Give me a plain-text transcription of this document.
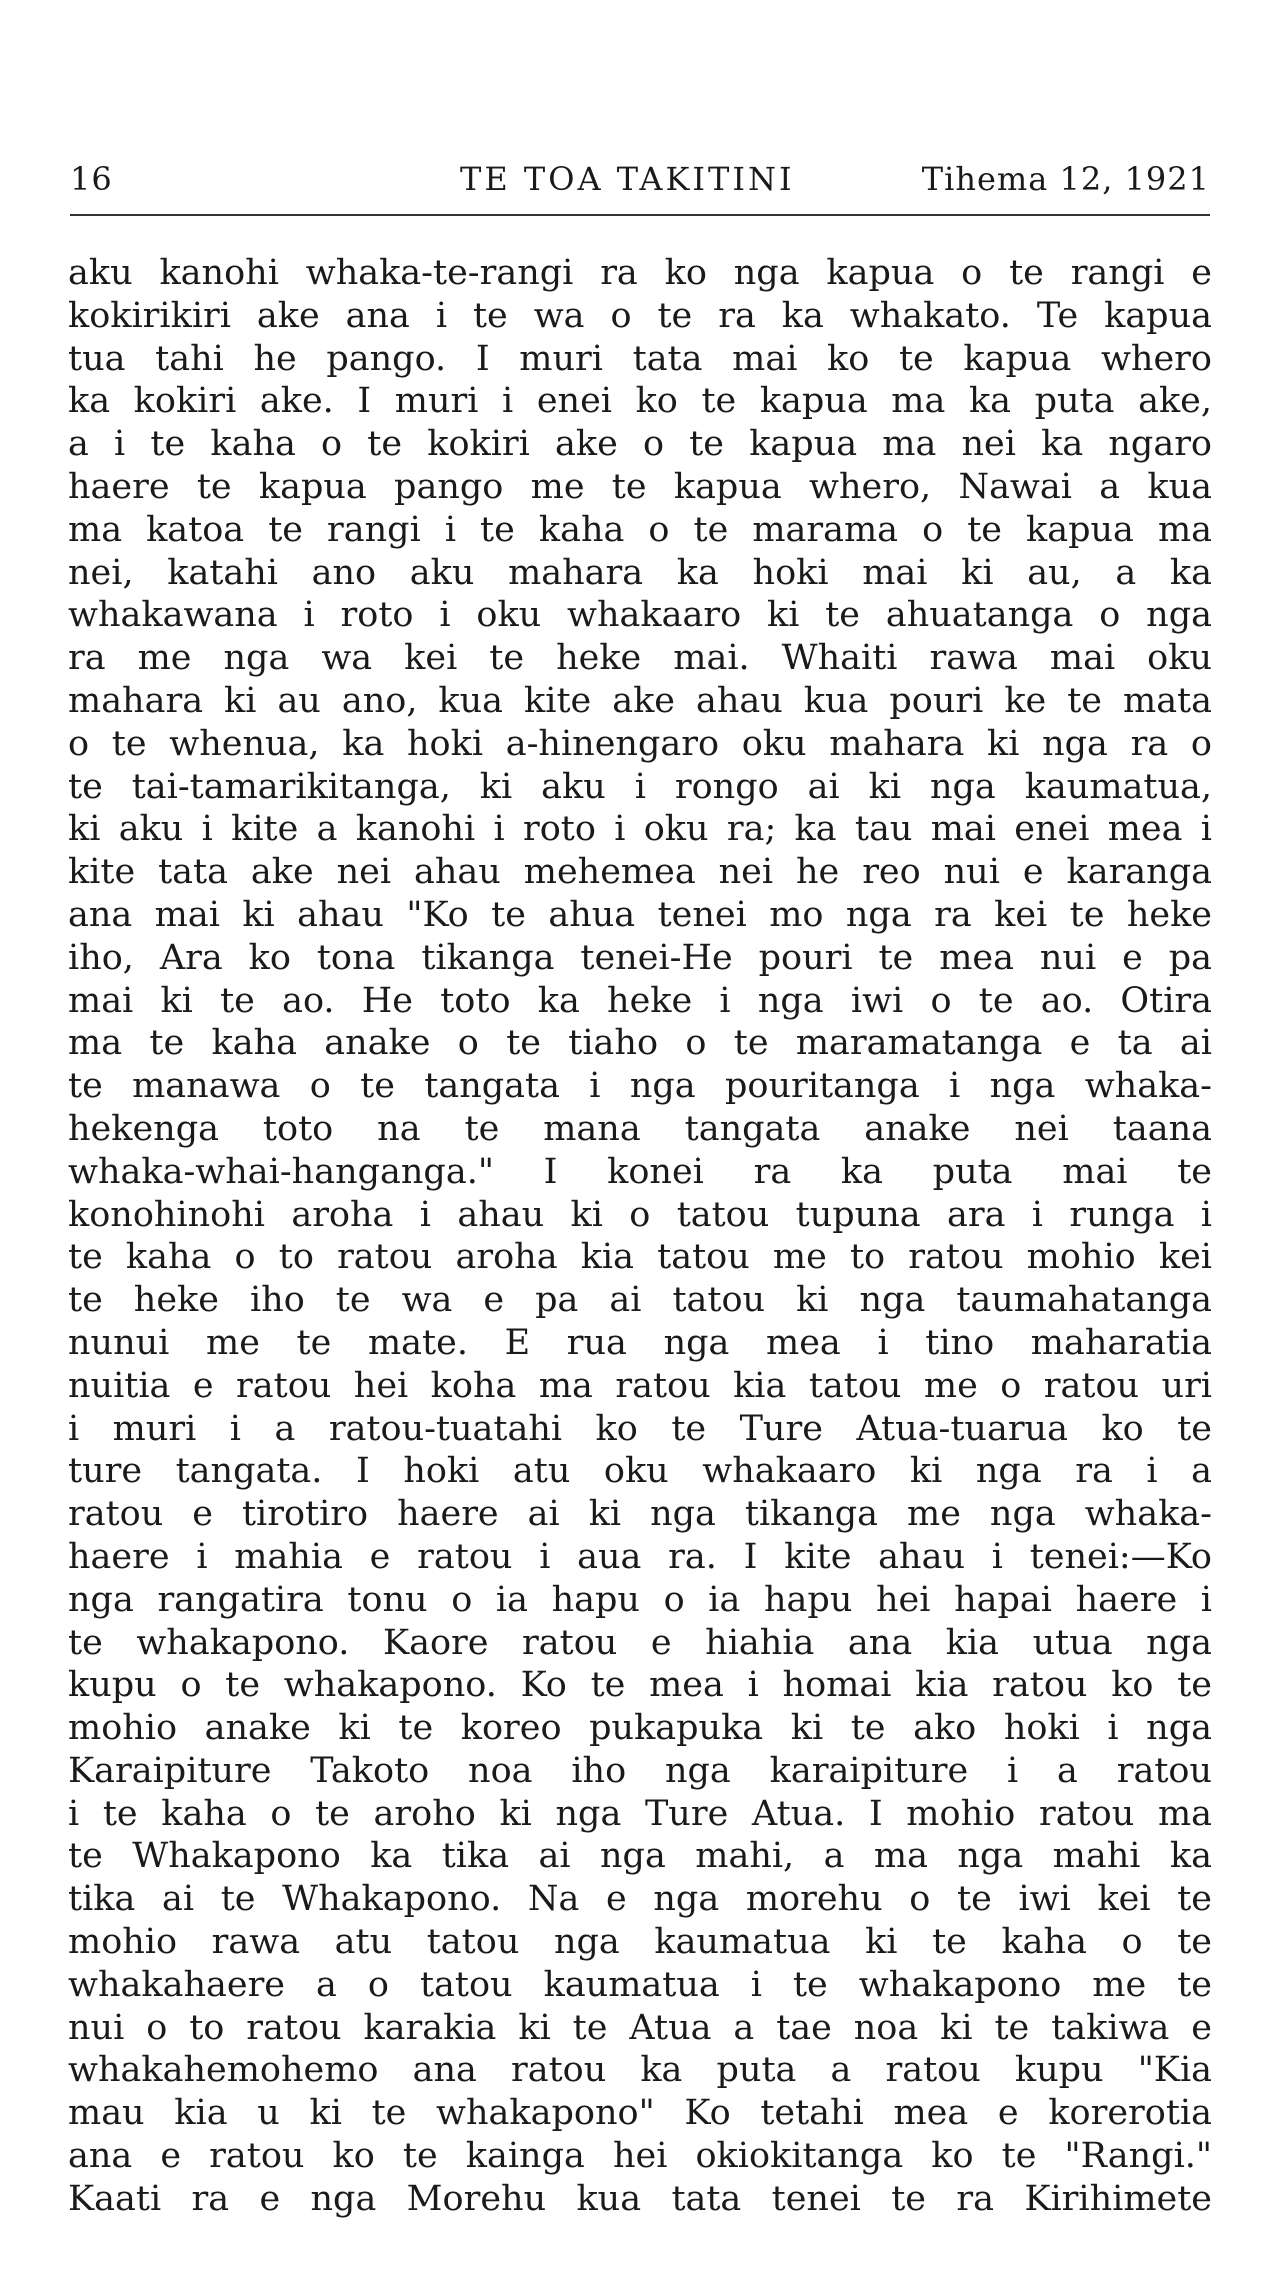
16	TE TOA TAKITINI	Tihema 12, 1921
aku kanohi whaka-te-rangi ra ko nga kapua o te rangi e
kokirikiri ake ana i te wa o te ra ka whakato. Te kapua
tua tahi he pango. I muri tata mai ko te kapua whero
ka kokiri ake. I muri i enei ko te kapua ma ka puta ake,
a i te kaha o te kokiri ake o te kapua ma nei ka ngaro
haere te kapua pango me te kapua whero, Nawai a kua
ma katoa te rangi i te kaha o te marama o te kapua ma
nei, katahi ano aku mahara ka hoki mai ki au, a ka
whakawana i roto i oku whakaaro ki te ahuatanga o nga
ra me nga wa kei te heke mai. Whaiti rawa mai oku
mahara ki au ano, kua kite ake ahau kua pouri ke te mata
o te whenua, ka hoki a-hinengaro oku mahara ki nga ra o
te tai-tamarikitanga, ki aku i rongo ai ki nga kaumatua,
ki aku i kite a kanohi i roto i oku ra; ka tau mai enei mea i
kite tata ake nei ahau mehemea nei he reo nui e karanga
ana mai ki ahau "Ko te ahua tenei mo nga ra kei te heke
iho, Ara ko tona tikanga tenei-He pouri te mea nui e pa
mai ki te ao. He toto ka heke i nga iwi o te ao. Otira
ma te kaha anake o te tiaho o te maramatanga e ta ai
te manawa o te tangata i nga pouritanga i nga whaka-
hekenga toto na te mana tangata anake nei taana
whaka-whai-hanganga." I konei ra ka puta mai te
konohinohi aroha i ahau ki o tatou tupuna ara i runga i
te kaha o to ratou aroha kia tatou me to ratou mohio kei
te heke iho te wa e pa ai tatou ki nga taumahatanga
nunui me te mate. E rua nga mea i tino maharatia
nuitia e ratou hei koha ma ratou kia tatou me o ratou uri
i muri i a ratou-tuatahi ko te Ture Atua-tuarua ko te
ture tangata. I hoki atu oku whakaaro ki nga ra i a
ratou e tirotiro haere ai ki nga tikanga me nga whaka-
haere i mahia e ratou i aua ra. I kite ahau i tenei:—Ko
nga rangatira tonu o ia hapu o ia hapu hei hapai haere i
te whakapono. Kaore ratou e hiahia ana kia utua nga
kupu o te whakapono. Ko te mea i homai kia ratou ko te
mohio anake ki te koreo pukapuka ki te ako hoki i nga
Karaipiture Takoto noa iho nga karaipiture i a ratou
i te kaha o te aroho ki nga Ture Atua. I mohio ratou ma
te Whakapono ka tika ai nga mahi, a ma nga mahi ka
tika ai te Whakapono. Na e nga morehu o te iwi kei te
mohio rawa atu tatou nga kaumatua ki te kaha o te
whakahaere a o tatou kaumatua i te whakapono me te
nui o to ratou karakia ki te Atua a tae noa ki te takiwa e
whakahemohemo ana ratou ka puta a ratou kupu "Kia
mau kia u ki te whakapono" Ko tetahi mea e korerotia
ana e ratou ko te kainga hei okiokitanga ko te "Rangi."
Kaati ra e nga Morehu kua tata tenei te ra Kirihimete
